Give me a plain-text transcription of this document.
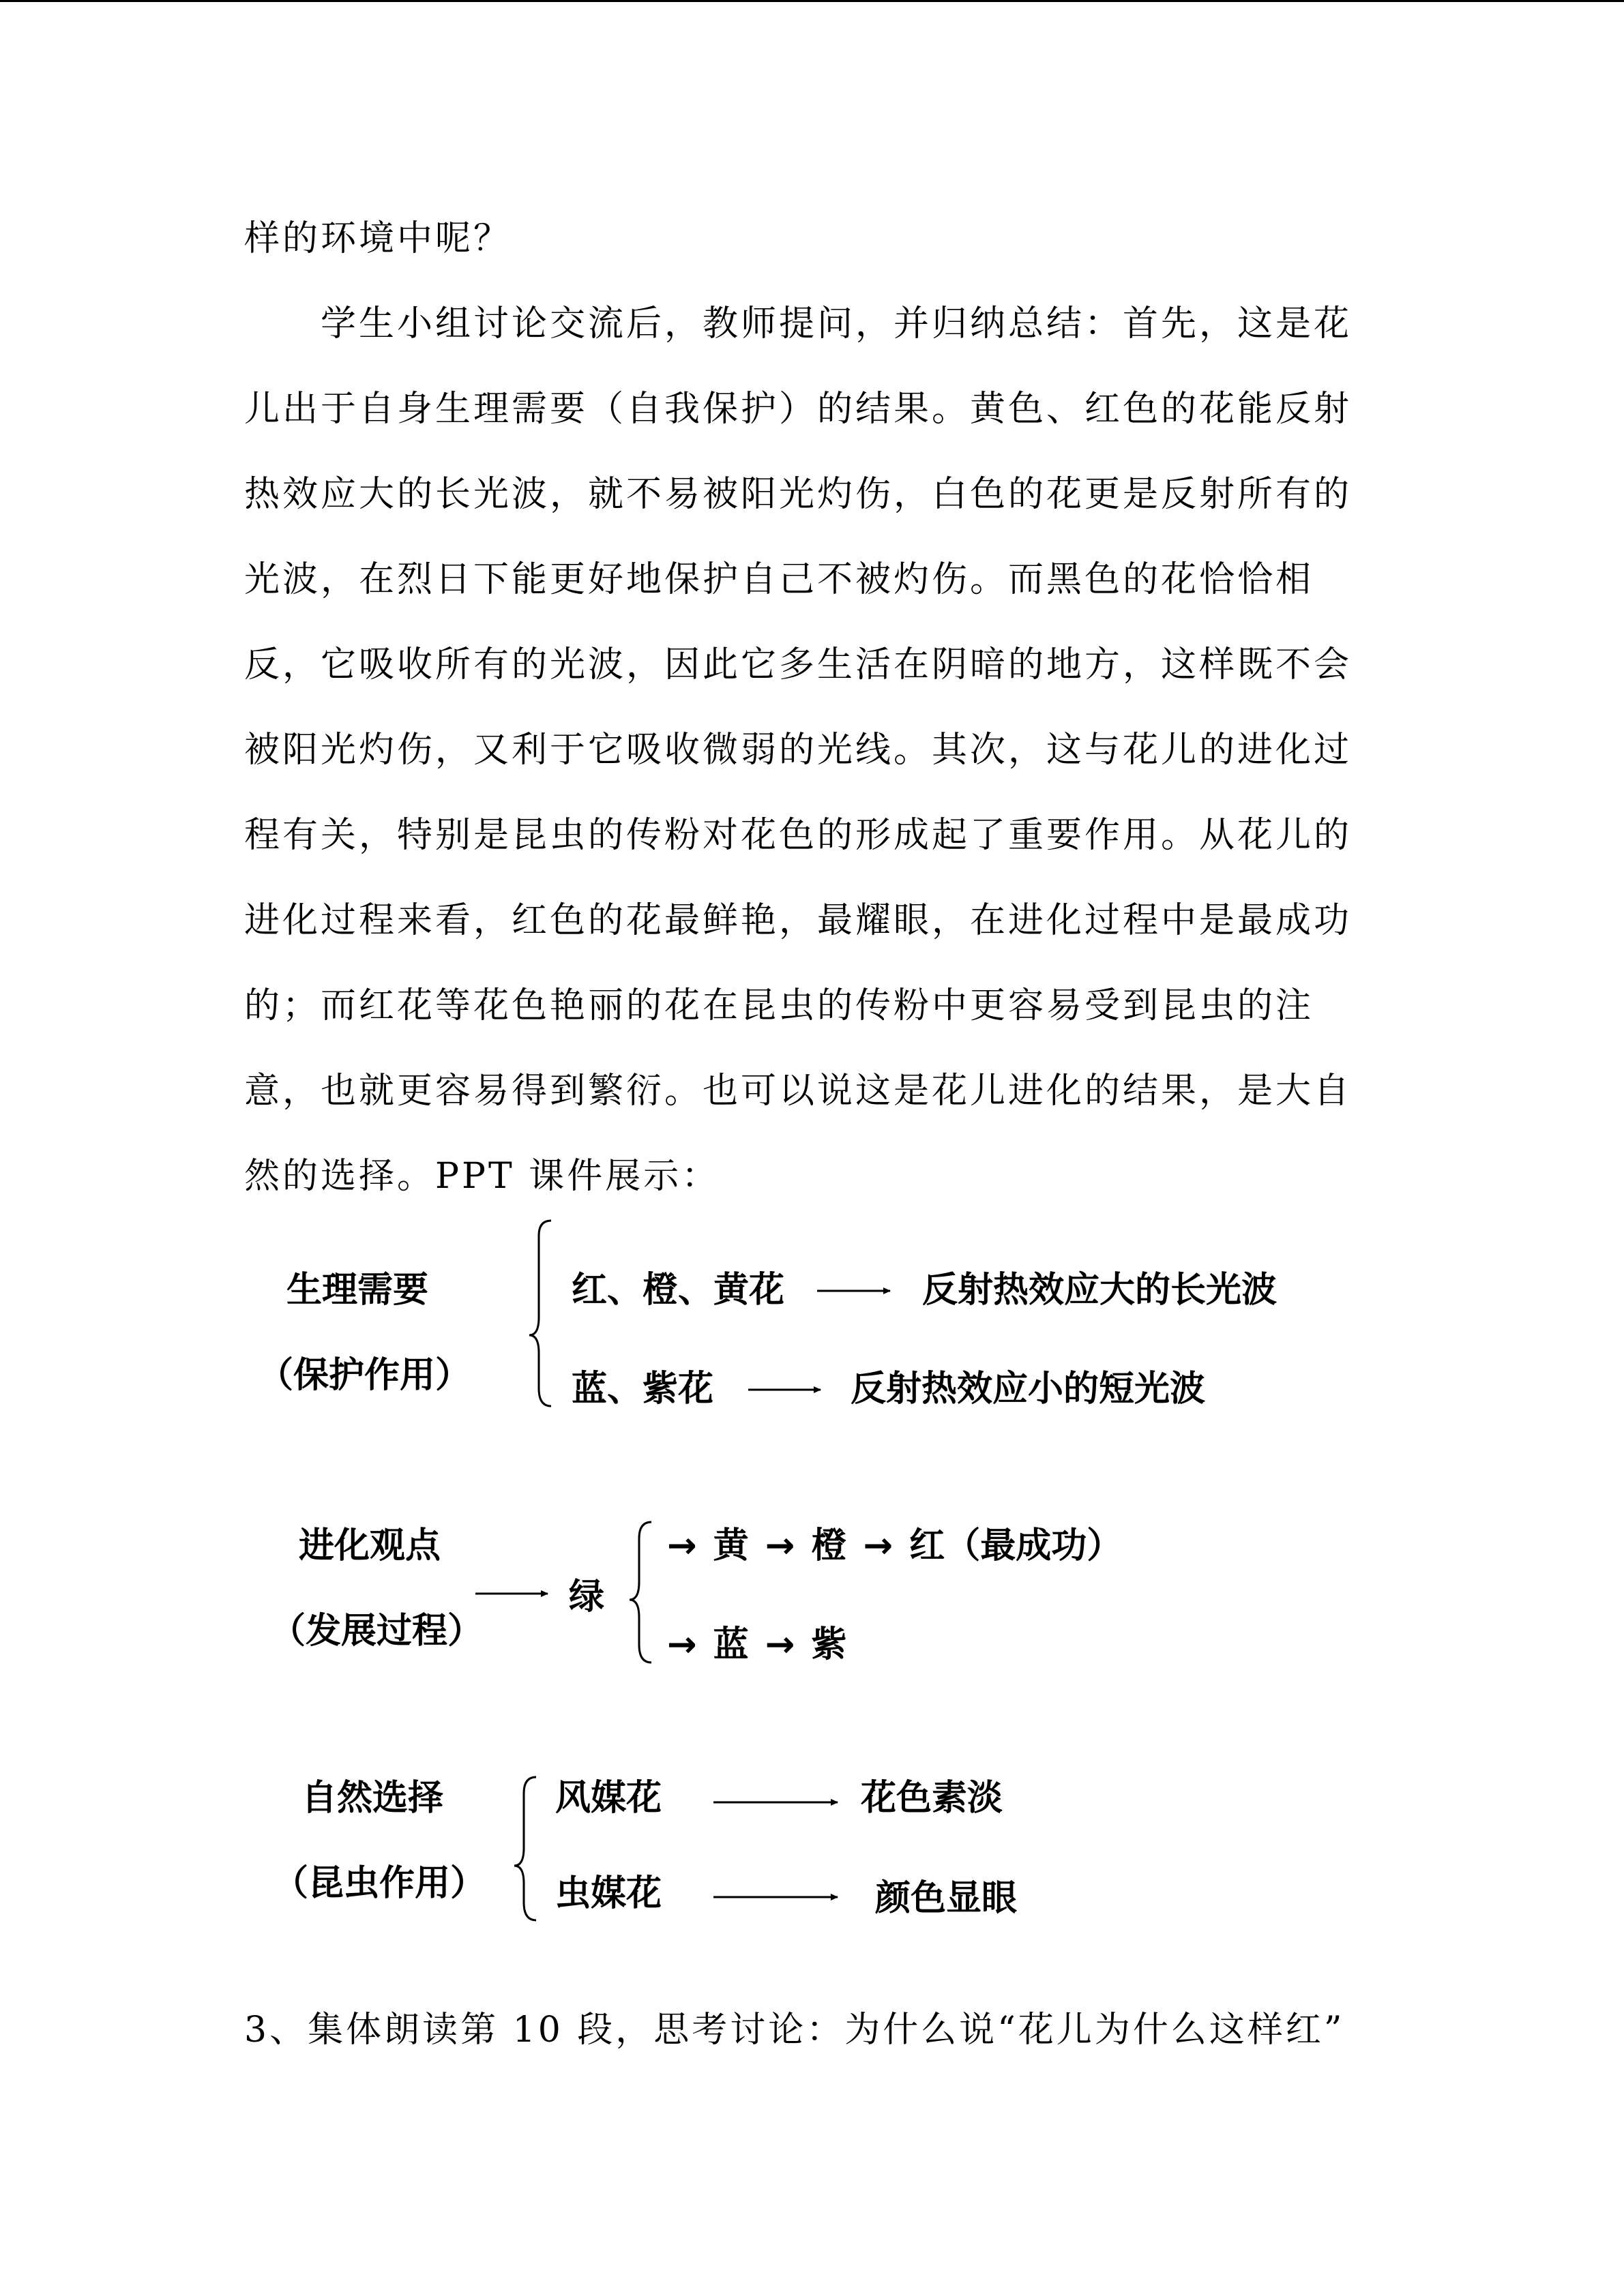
样的环境中呢？
学生小组讨论交流后，教师提问，并归纳总结：首先，这是花
儿出于自身生理需要（自我保护）的结果。黄色、红色的花能反射
热效应大的长光波，就不易被阳光灼伤，白色的花更是反射所有的
光波，在烈日下能更好地保护自己不被灼伤。而黑色的花恰恰相
反，它吸收所有的光波，因此它多生活在阴暗的地方，这样既不会
被阳光灼伤，又利于它吸收微弱的光线。其次，这与花儿的进化过
程有关，特别是昆虫的传粉对花色的形成起了重要作用。从花儿的
进化过程来看，红色的花最鲜艳，最耀眼，在进化过程中是最成功
的；而红花等花色艳丽的花在昆虫的传粉中更容易受到昆虫的注
意，也就更容易得到繁衍。也可以说这是花儿进化的结果，是大自
然的选择。PPT 课件展示：
生理需要
（保护作用）
红、橙、黄花	反射热效应大的长光波
蓝、紫花	反射热效应小的短光波
进化观点
（发展过程）
绿
→ 黄 → 橙 → 红（最成功）
→ 蓝 → 紫
自然选择
（昆虫作用）
风媒花	花色素淡
虫媒花	颜色显眼
3、集体朗读第 10 段，思考讨论：为什么说“花儿为什么这样红”
